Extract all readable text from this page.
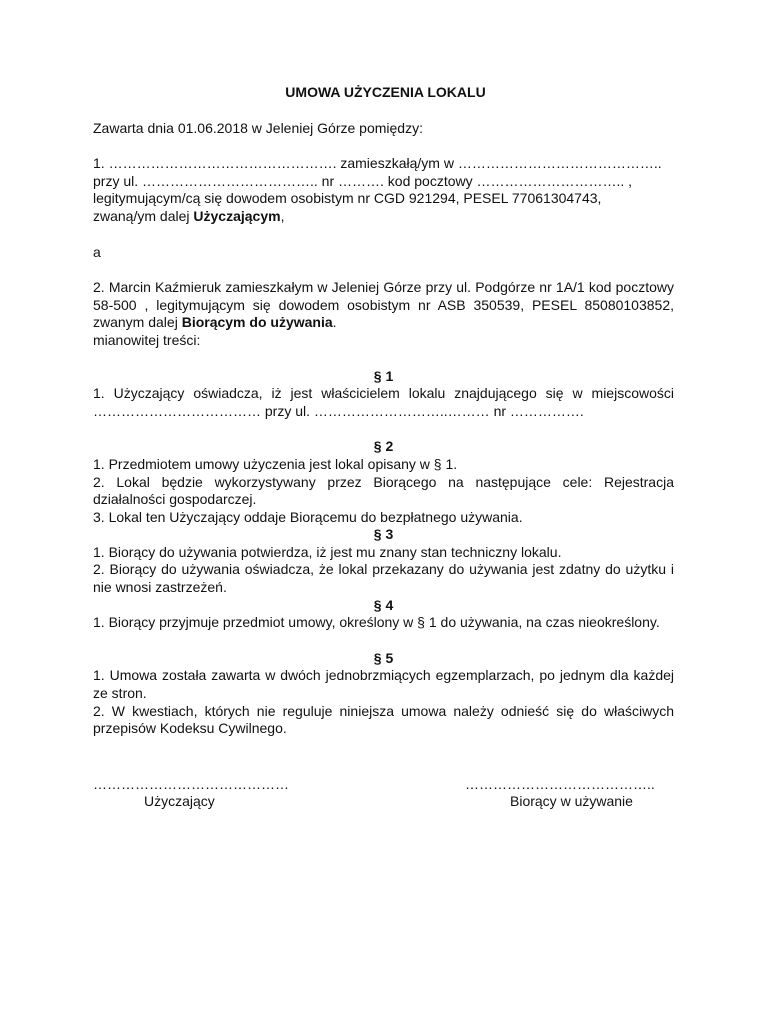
UMOWA UŻYCZENIA LOKALU

Zawarta dnia 01.06.2018 w Jeleniej Górze pomiędzy:

1. …………………………………………. zamieszkałą/ym w ……………………………………..

przy ul. ……………………………….. nr ………. kod pocztowy ………………………….. ,

legitymującym/cą się dowodem osobistym nr CGD 921294, PESEL 77061304743,

zwaną/ym dalej Użyczającym,

a

2. Marcin Kaźmieruk zamieszkałym w Jeleniej Górze przy ul. Podgórze nr 1A/1 kod pocztowy 58-500 , legitymującym się dowodem osobistym nr ASB 350539, PESEL 85080103852, zwanym dalej Biorącym do używania.

mianowitej treści:

§ 1

1. Użyczający oświadcza, iż jest właścicielem lokalu znajdującego się w miejscowości ……………………………… przy ul. ………………………..……… nr …………….

§ 2

1. Przedmiotem umowy użyczenia jest lokal opisany w § 1.

2. Lokal będzie wykorzystywany przez Biorącego na następujące cele: Rejestracja działalności gospodarczej.

3. Lokal ten Użyczający oddaje Biorącemu do bezpłatnego używania.

§ 3

1. Biorący do używania potwierdza, iż jest mu znany stan techniczny lokalu.

2. Biorący do używania oświadcza, że lokal przekazany do używania jest zdatny do użytku i nie wnosi zastrzeżeń.

§ 4

1. Biorący przyjmuje przedmiot umowy, określony w § 1 do używania, na czas nieokreślony.

§ 5

1. Umowa została zawarta w dwóch jednobrzmiących egzemplarzach, po jednym dla każdej ze stron.

2. W kwestiach, których nie reguluje niniejsza umowa należy odnieść się do właściwych przepisów Kodeksu Cywilnego.

……………………………………	…………………………………..
Użyczający	Biorący w używanie
